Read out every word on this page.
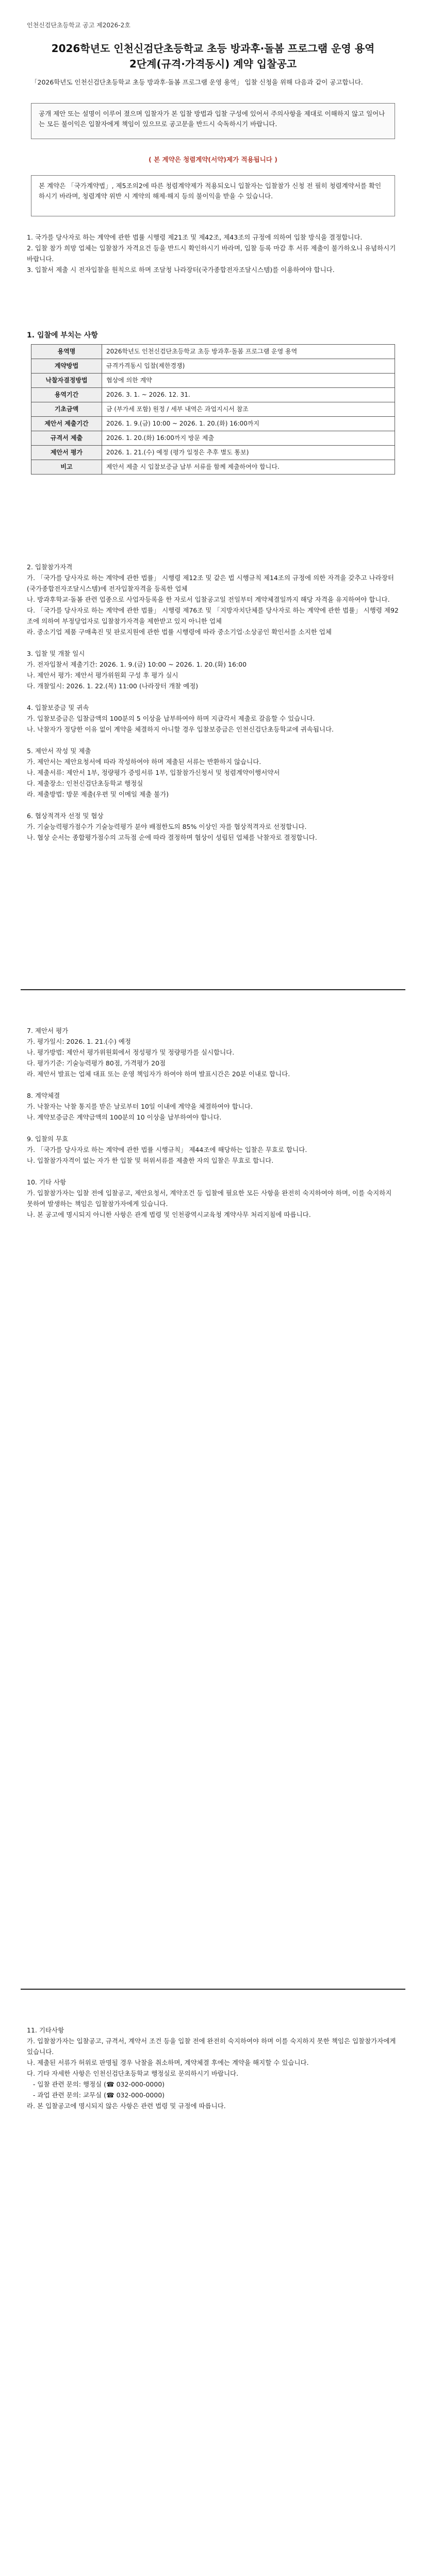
인천신검단초등학교 공고 제2026-2호
2026학년도 인천신검단초등학교 초등 방과후·돌봄 프로그램 운영 용역
2단계(규격·가격동시) 계약 입찰공고
「2026학년도 인천신검단초등학교 초등 방과후·돌봄 프로그램 운영 용역」 입찰 신청을 위해 다음과 같이 공고합니다.
공개 제안 또는 설명이 이루어 졌으며 입찰자가 본 입찰 방법과 입찰 구성에 있어서 주의사항을 제대로 이해하지 않고 일어나는 모든 불이익은 입찰자에게 책임이 있으므로 공고문을 반드시 숙독하시기 바랍니다.
( 본 계약은 청렴계약(서약)제가 적용됩니다 )
본 계약은 「국가계약법」, 제5조의2에 따른 청렴계약제가 적용되오니 입찰자는 입찰참가 신청 전 필히 청렴계약서를 확인하시기 바라며, 청렴계약 위반 시 계약의 해제·해지 등의 불이익을 받을 수 있습니다.
1. 국가를 당사자로 하는 계약에 관한 법률 시행령 제21조 및 제42조, 제43조의 규정에 의하여 입찰 방식을 결정합니다.
2. 입찰 참가 희망 업체는 입찰참가 자격요건 등을 반드시 확인하시기 바라며, 입찰 등록 마감 후 서류 제출이 불가하오니 유념하시기 바랍니다.
3. 입찰서 제출 시 전자입찰을 원칙으로 하며 조달청 나라장터(국가종합전자조달시스템)를 이용하여야 합니다.
1. 입찰에 부치는 사항
용역명	2026학년도 인천신검단초등학교 초등 방과후·돌봄 프로그램 운영 용역
계약방법	규격가격동시 입찰(제한경쟁)
낙찰자결정방법	협상에 의한 계약
용역기간	2026. 3. 1. ~ 2026. 12. 31.
기초금액	금 (부가세 포함) 원정 / 세부 내역은 과업지시서 참조
제안서 제출기간	2026. 1. 9.(금) 10:00 ~ 2026. 1. 20.(화) 16:00까지
규격서 제출	2026. 1. 20.(화) 16:00까지 방문 제출
제안서 평가	2026. 1. 21.(수) 예정 (평가 일정은 추후 별도 통보)
비고	제안서 제출 시 입찰보증금 납부 서류를 함께 제출하여야 합니다.
2. 입찰참가자격
가. 「국가를 당사자로 하는 계약에 관한 법률」 시행령 제12조 및 같은 법 시행규칙 제14조의 규정에 의한 자격을 갖추고 나라장터(국가종합전자조달시스템)에 전자입찰자격을 등록한 업체
나. 방과후학교·돌봄 관련 업종으로 사업자등록을 한 자로서 입찰공고일 전일부터 계약체결일까지 해당 자격을 유지하여야 합니다.
다. 「국가를 당사자로 하는 계약에 관한 법률」 시행령 제76조 및 「지방자치단체를 당사자로 하는 계약에 관한 법률」 시행령 제92조에 의하여 부정당업자로 입찰참가자격을 제한받고 있지 아니한 업체
라. 중소기업 제품 구매촉진 및 판로지원에 관한 법률 시행령에 따라 중소기업·소상공인 확인서를 소지한 업체

3. 입찰 및 개찰 일시
가. 전자입찰서 제출기간: 2026. 1. 9.(금) 10:00 ~ 2026. 1. 20.(화) 16:00
나. 제안서 평가: 제안서 평가위원회 구성 후 평가 실시
다. 개찰일시: 2026. 1. 22.(목) 11:00 (나라장터 개찰 예정)

4. 입찰보증금 및 귀속
가. 입찰보증금은 입찰금액의 100분의 5 이상을 납부하여야 하며 지급각서 제출로 갈음할 수 있습니다.
나. 낙찰자가 정당한 이유 없이 계약을 체결하지 아니할 경우 입찰보증금은 인천신검단초등학교에 귀속됩니다.

5. 제안서 작성 및 제출
가. 제안서는 제안요청서에 따라 작성하여야 하며 제출된 서류는 반환하지 않습니다.
나. 제출서류: 제안서 1부, 정량평가 증빙서류 1부, 입찰참가신청서 및 청렴계약이행서약서
다. 제출장소: 인천신검단초등학교 행정실
라. 제출방법: 방문 제출(우편 및 이메일 제출 불가)

6. 협상적격자 선정 및 협상
가. 기술능력평가점수가 기술능력평가 분야 배점한도의 85% 이상인 자를 협상적격자로 선정합니다.
나. 협상 순서는 종합평가점수의 고득점 순에 따라 결정하며 협상이 성립된 업체를 낙찰자로 결정합니다.
7. 제안서 평가
가. 평가일시: 2026. 1. 21.(수) 예정
나. 평가방법: 제안서 평가위원회에서 정성평가 및 정량평가를 실시합니다.
다. 평가기준: 기술능력평가 80점, 가격평가 20점
라. 제안서 발표는 업체 대표 또는 운영 책임자가 하여야 하며 발표시간은 20분 이내로 합니다.

8. 계약체결
가. 낙찰자는 낙찰 통지를 받은 날로부터 10일 이내에 계약을 체결하여야 합니다.
나. 계약보증금은 계약금액의 100분의 10 이상을 납부하여야 합니다.

9. 입찰의 무효
가. 「국가를 당사자로 하는 계약에 관한 법률 시행규칙」 제44조에 해당하는 입찰은 무효로 합니다.
나. 입찰참가자격이 없는 자가 한 입찰 및 허위서류를 제출한 자의 입찰은 무효로 합니다.

10. 기타 사항
가. 입찰참가자는 입찰 전에 입찰공고, 제안요청서, 계약조건 등 입찰에 필요한 모든 사항을 완전히 숙지하여야 하며, 이를 숙지하지 못하여 발생하는 책임은 입찰참가자에게 있습니다.
나. 본 공고에 명시되지 아니한 사항은 관계 법령 및 인천광역시교육청 계약사무 처리지침에 따릅니다.
11. 기타사항
가. 입찰참가자는 입찰공고, 규격서, 계약서 조건 등을 입찰 전에 완전히 숙지하여야 하며 이를 숙지하지 못한 책임은 입찰참가자에게 있습니다.
나. 제출된 서류가 허위로 판명될 경우 낙찰을 취소하며, 계약체결 후에는 계약을 해지할 수 있습니다.
다. 기타 자세한 사항은 인천신검단초등학교 행정실로 문의하시기 바랍니다.
- 입찰 관련 문의: 행정실 (☎ 032-000-0000)
- 과업 관련 문의: 교무실 (☎ 032-000-0000)
라. 본 입찰공고에 명시되지 않은 사항은 관련 법령 및 규정에 따릅니다.
